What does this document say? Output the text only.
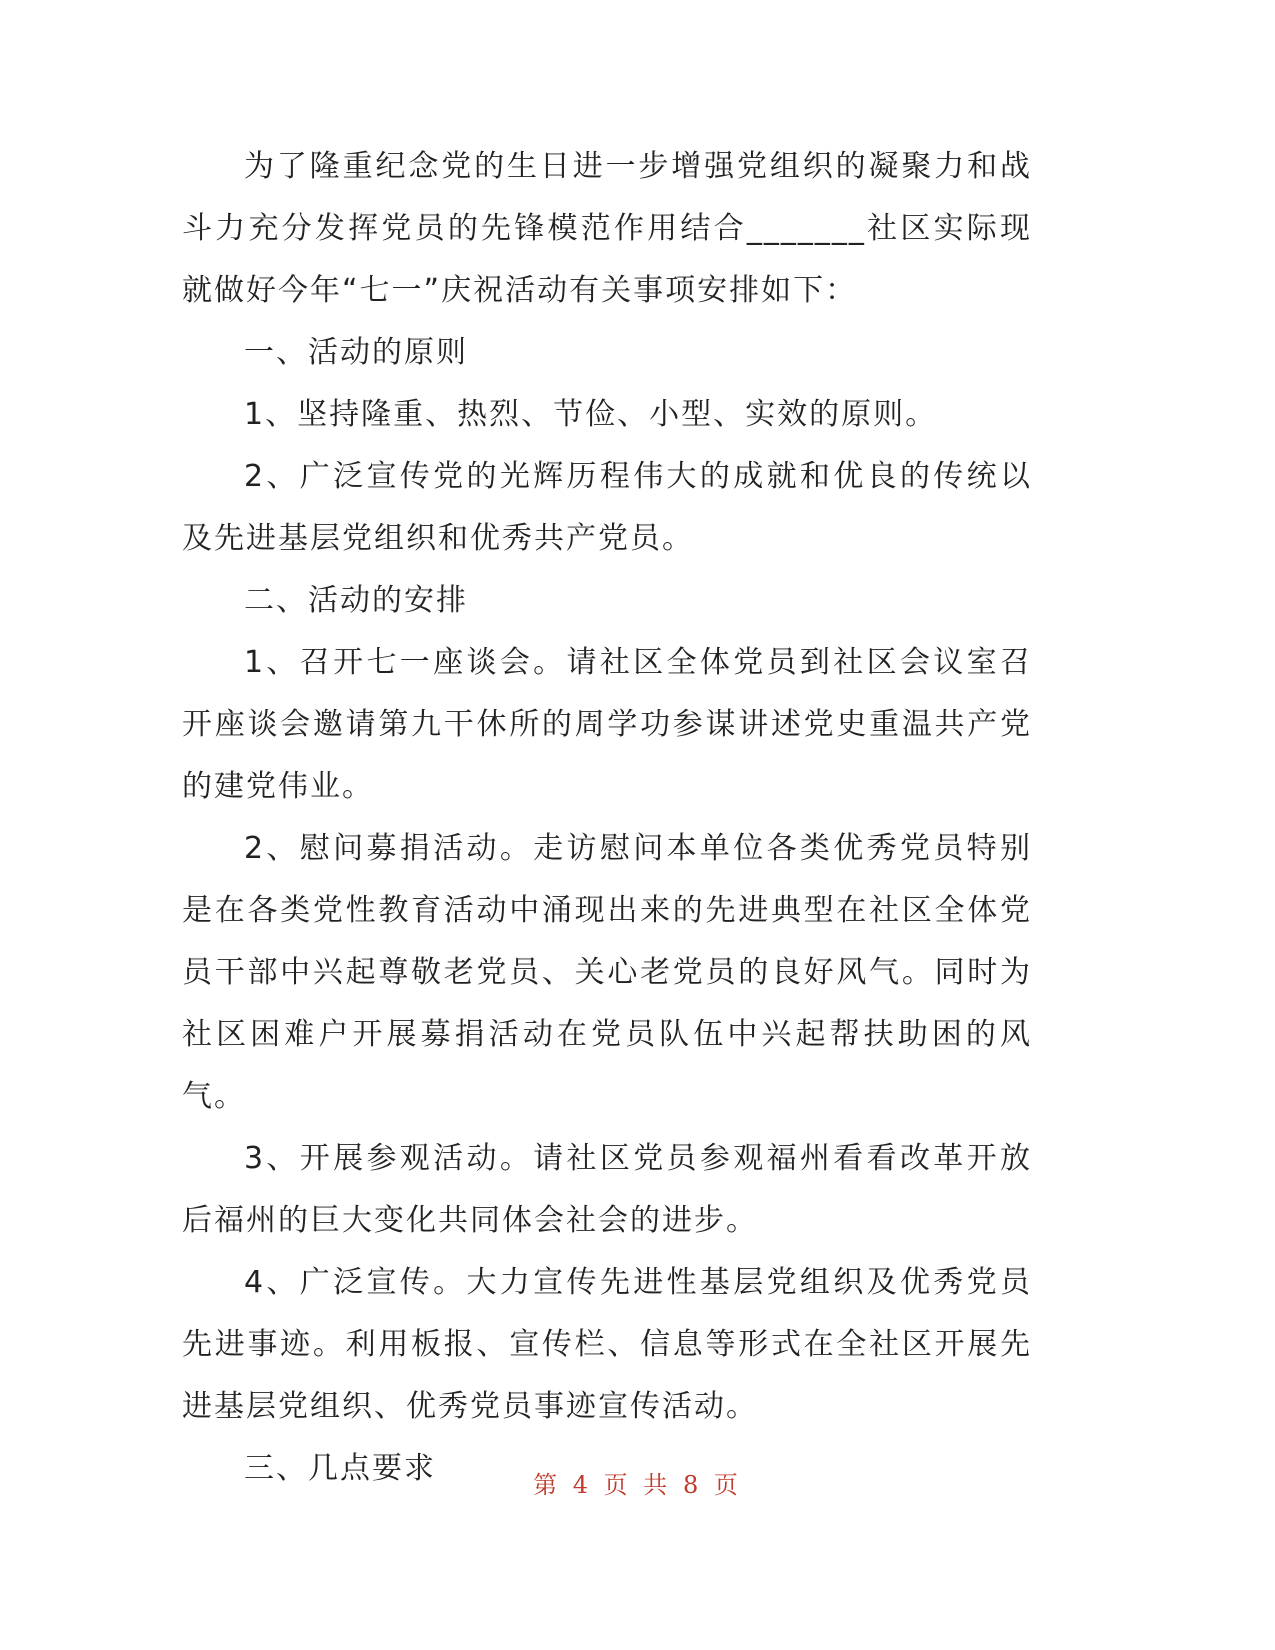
为了隆重纪念党的生日进一步增强党组织的凝聚力和战斗力充分发挥党员的先锋模范作用结合_______社区实际现就做好今年“七一”庆祝活动有关事项安排如下：

一、活动的原则

1、坚持隆重、热烈、节俭、小型、实效的原则。

2、广泛宣传党的光辉历程伟大的成就和优良的传统以及先进基层党组织和优秀共产党员。

二、活动的安排

1、召开七一座谈会。请社区全体党员到社区会议室召开座谈会邀请第九干休所的周学功参谋讲述党史重温共产党的建党伟业。

2、慰问募捐活动。走访慰问本单位各类优秀党员特别是在各类党性教育活动中涌现出来的先进典型在社区全体党员干部中兴起尊敬老党员、关心老党员的良好风气。同时为社区困难户开展募捐活动在党员队伍中兴起帮扶助困的风气。

3、开展参观活动。请社区党员参观福州看看改革开放后福州的巨大变化共同体会社会的进步。

4、广泛宣传。大力宣传先进性基层党组织及优秀党员先进事迹。利用板报、宣传栏、信息等形式在全社区开展先进基层党组织、优秀党员事迹宣传活动。

三、几点要求	第 4 页 共 8 页
